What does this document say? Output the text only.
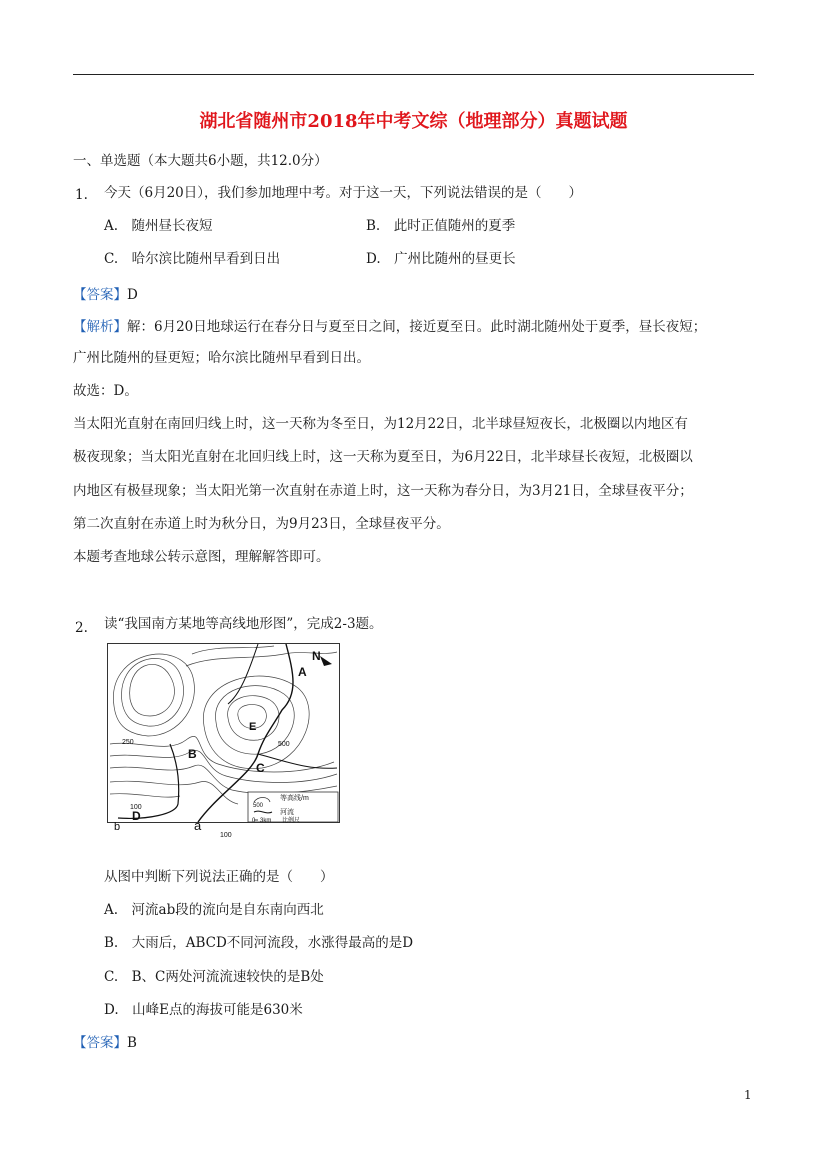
湖北省随州市2018年中考文综（地理部分）真题试题
一、单选题（本大题共6小题，共12.0分）
1. 今天（6月20日），我们参加地理中考。对于这一天，下列说法错误的是（　　）
A.　随州昼长夜短	B.　此时正值随州的夏季
C.　哈尔滨比随州早看到日出	D.　广州比随州的昼更长
【答案】D
【解析】解：6月20日地球运行在春分日与夏至日之间，接近夏至日。此时湖北随州处于夏季，昼长夜短；
广州比随州的昼更短；哈尔滨比随州早看到日出。
故选：D。
当太阳光直射在南回归线上时，这一天称为冬至日，为12月22日，北半球昼短夜长，北极圈以内地区有
极夜现象；当太阳光直射在北回归线上时，这一天称为夏至日，为6月22日，北半球昼长夜短，北极圈以
内地区有极昼现象；当太阳光第一次直射在赤道上时，这一天称为春分日，为3月21日，全球昼夜平分；
第二次直射在赤道上时为秋分日，为9月23日，全球昼夜平分。
本题考查地球公转示意图，理解解答即可。
2. 读“我国南方某地等高线地形图”，完成2-3题。
A
N
E
B
C
D
b	a
250	500
100
100
500
等高线/m
河流
0 3km 比例尺
从图中判断下列说法正确的是（　　）
A.　河流ab段的流向是自东南向西北
B.　大雨后，ABCD不同河流段，水涨得最高的是D
C.　B、C两处河流流速较快的是B处
D.　山峰E点的海拔可能是630米
【答案】B
1
